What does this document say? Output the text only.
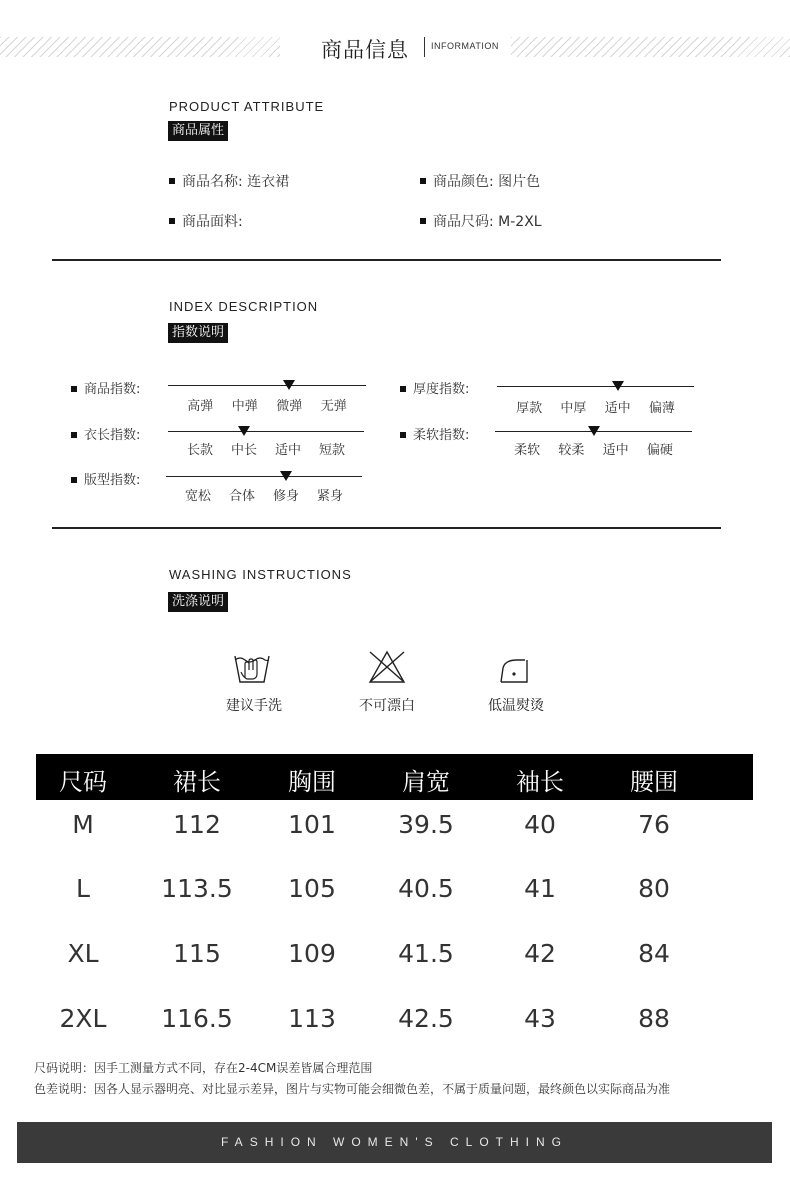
商品信息 INFORMATION
PRODUCT ATTRIBUTE
商品属性
商品名称: 连衣裙	商品颜色: 图片色
商品面料:	商品尺码: M-2XL
INDEX DESCRIPTION
指数说明
商品指数:
高弹	中弹	微弹	无弹
厚度指数:
厚款	中厚	适中	偏薄
衣长指数:
长款	中长	适中	短款
柔软指数:
柔软	较柔	适中	偏硬
版型指数:
宽松	合体	修身	紧身
WASHING INSTRUCTIONS
洗涤说明
建议手洗	不可漂白	低温熨烫
尺码	裙长	胸围	肩宽	袖长	腰围
M	112	101	39.5	40	76
L	113.5	105	40.5	41	80
XL	115	109	41.5	42	84
2XL	116.5	113	42.5	43	88
尺码说明：因手工测量方式不同，存在2-4CM误差皆属合理范围
色差说明：因各人显示器明亮、对比显示差异，图片与实物可能会细微色差，不属于质量问题，最终颜色以实际商品为准
FASHION WOMEN'S CLOTHING
